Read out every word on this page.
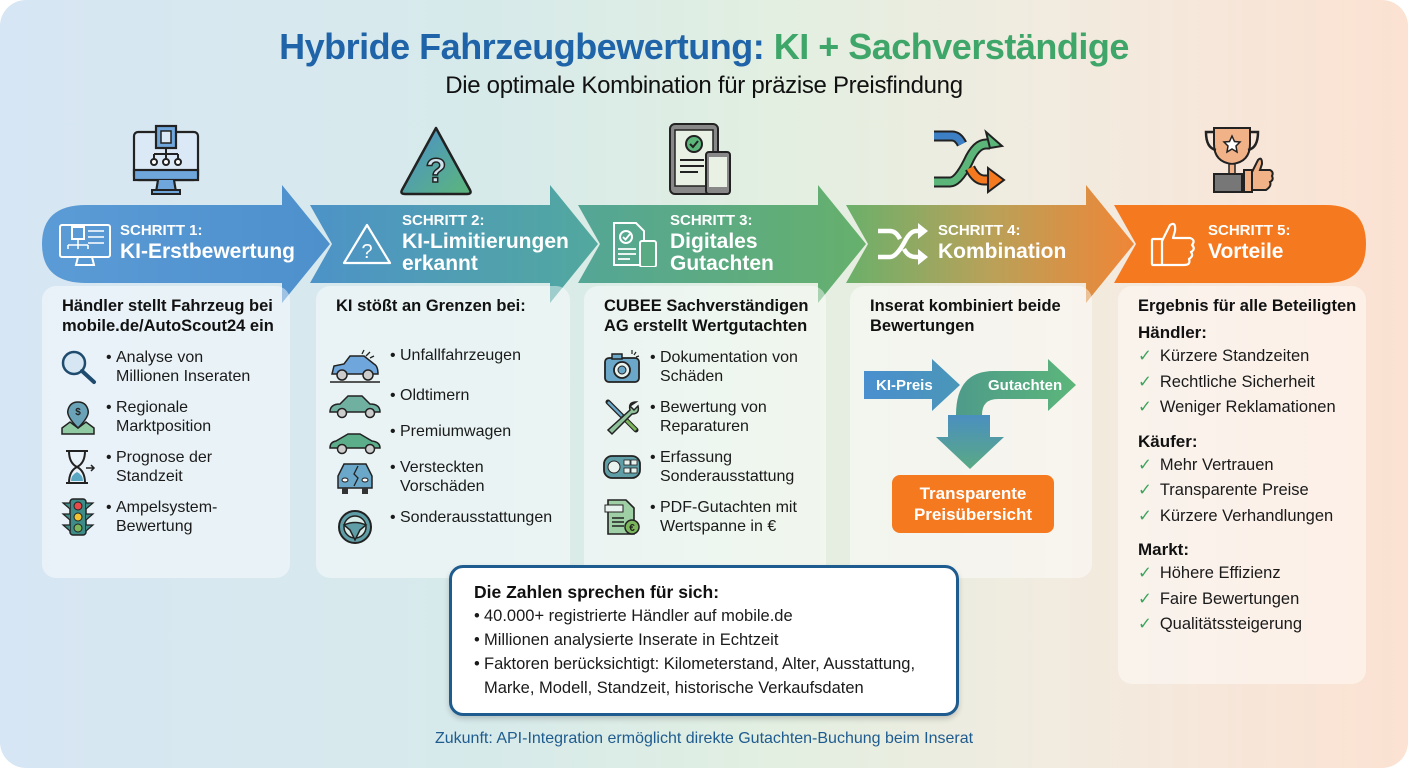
Hybride Fahrzeugbewertung: KI + Sachverständige
Die optimale Kombination für präzise Preisfindung
?
SCHRITT 1:
KI-Erstbewertung	?
SCHRITT 2:
KI-Limitierungen erkannt
SCHRITT 3:
Digitales Gutachten
SCHRITT 4:
Kombination
SCHRITT 5:
Vorteile
Händler stellt Fahrzeug bei mobile.de/AutoScout24 ein
• Analyse von Millionen Inseraten
$	• Regionale Marktposition
• Prognose der Standzeit
• Ampelsystem-Bewertung
KI stößt an Grenzen bei:
• Unfallfahrzeugen
• Oldtimern
• Premiumwagen
• Versteckten Vorschäden
• Sonderausstattungen
CUBEE Sachverständigen AG erstellt Wertgutachten
• Dokumentation von Schäden
• Bewertung von Reparaturen
• Erfassung Sonderausstattung
€
• PDF-Gutachten mit Wertspanne in €
Inserat kombiniert beide Bewertungen
KI-Preis	Gutachten
Transparente Preisübersicht
Ergebnis für alle Beteiligten
Händler:
✓ Kürzere Standzeiten
✓ Rechtliche Sicherheit
✓ Weniger Reklamationen
Käufer:
✓ Mehr Vertrauen
✓ Transparente Preise
✓ Kürzere Verhandlungen
Markt:
✓ Höhere Effizienz
✓ Faire Bewertungen
✓ Qualitätssteigerung
Die Zahlen sprechen für sich:
• 40.000+ registrierte Händler auf mobile.de
• Millionen analysierte Inserate in Echtzeit
• Faktoren berücksichtigt: Kilometerstand, Alter, Ausstattung, Marke, Modell, Standzeit, historische Verkaufsdaten
Zukunft: API-Integration ermöglicht direkte Gutachten-Buchung beim Inserat
